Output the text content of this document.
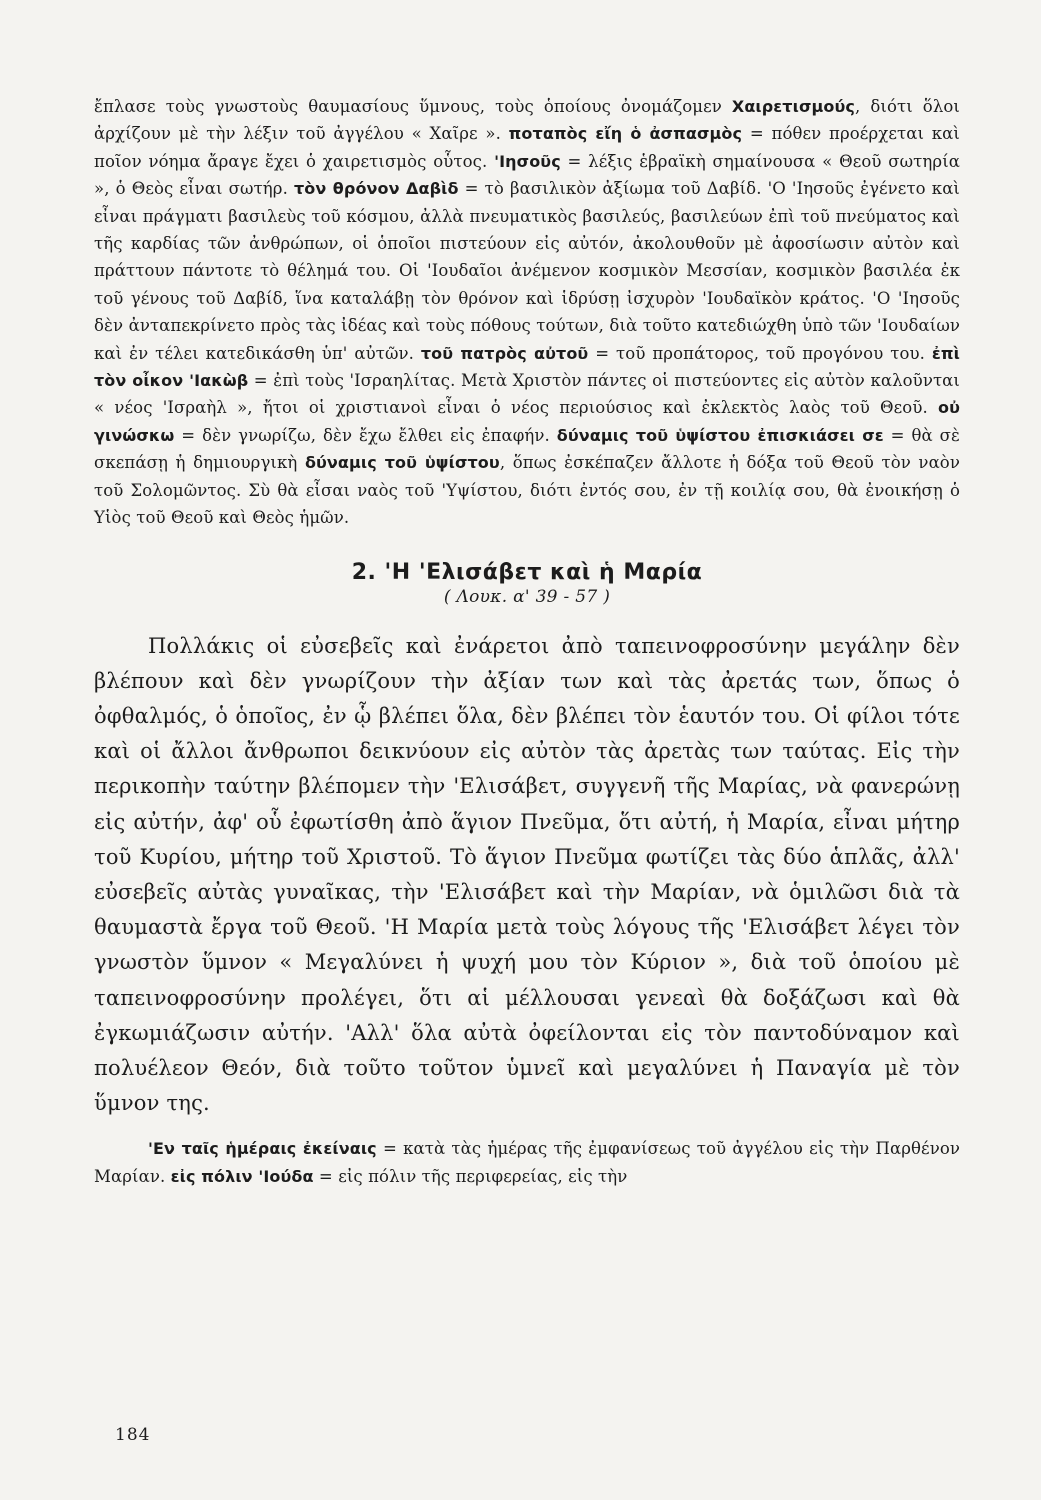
ἔπλασε τοὺς γνωστοὺς θαυμασίους ὕμνους, τοὺς ὁποίους ὀνομάζομεν Χαιρετισμούς, διότι ὅλοι ἀρχίζουν μὲ τὴν λέξιν τοῦ ἀγγέλου « Χαῖρε ». ποταπὸς εἴη ὁ ἀσπασμὸς = πόθεν προέρχεται καὶ ποῖον νόημα ἄραγε ἔχει ὁ χαιρετισμὸς οὗτος. 'Ιησοῦς = λέξις ἑβραϊκὴ σημαίνουσα « Θεοῦ σωτηρία », ὁ Θεὸς εἶναι σωτήρ. τὸν θρόνον Δαβὶδ = τὸ βασιλικὸν ἀξίωμα τοῦ Δαβίδ. 'Ο 'Ιησοῦς ἐγένετο καὶ εἶναι πράγματι βασιλεὺς τοῦ κόσμου, ἀλλὰ πνευματικὸς βασιλεύς, βασιλεύων ἐπὶ τοῦ πνεύματος καὶ τῆς καρδίας τῶν ἀνθρώπων, οἱ ὁποῖοι πιστεύουν εἰς αὐτόν, ἀκολουθοῦν μὲ ἀφοσίωσιν αὐτὸν καὶ πράττουν πάντοτε τὸ θέλημά του. Οἱ 'Ιουδαῖοι ἀνέμενον κοσμικὸν Μεσσίαν, κοσμικὸν βασιλέα ἐκ τοῦ γένους τοῦ Δαβίδ, ἵνα καταλάβῃ τὸν θρόνον καὶ ἱδρύσῃ ἰσχυρὸν 'Ιουδαϊκὸν κράτος. 'Ο 'Ιησοῦς δὲν ἀνταπεκρίνετο πρὸς τὰς ἰδέας καὶ τοὺς πόθους τούτων, διὰ τοῦτο κατεδιώχθη ὑπὸ τῶν 'Ιουδαίων καὶ ἐν τέλει κατεδικάσθη ὑπ' αὐτῶν. τοῦ πατρὸς αὐτοῦ = τοῦ προπάτορος, τοῦ προγόνου του. ἐπὶ τὸν οἶκον 'Ιακὼβ = ἐπὶ τοὺς 'Ισραηλίτας. Μετὰ Χριστὸν πάντες οἱ πιστεύοντες εἰς αὐτὸν καλοῦνται « νέος 'Ισραὴλ », ἤτοι οἱ χριστιανοὶ εἶναι ὁ νέος περιούσιος καὶ ἐκλεκτὸς λαὸς τοῦ Θεοῦ. οὐ γινώσκω = δὲν γνωρίζω, δὲν ἔχω ἔλθει εἰς ἐπαφήν. δύναμις τοῦ ὑψίστου ἐπισκιάσει σε = θὰ σὲ σκεπάσῃ ἡ δημιουργικὴ δύναμις τοῦ ὑψίστου, ὅπως ἐσκέπαζεν ἄλλοτε ἡ δόξα τοῦ Θεοῦ τὸν ναὸν τοῦ Σολομῶντος. Σὺ θὰ εἶσαι ναὸς τοῦ 'Υψίστου, διότι ἐντός σου, ἐν τῇ κοιλίᾳ σου, θὰ ἐνοικήσῃ ὁ Υἱὸς τοῦ Θεοῦ καὶ Θεὸς ἡμῶν.

2. 'Η 'Ελισάβετ καὶ ἡ Μαρία
( Λουκ. α' 39 - 57 )

Πολλάκις οἱ εὐσεβεῖς καὶ ἐνάρετοι ἀπὸ ταπεινοφροσύνην μεγάλην δὲν βλέπουν καὶ δὲν γνωρίζουν τὴν ἀξίαν των καὶ τὰς ἀρετάς των, ὅπως ὁ ὀφθαλμός, ὁ ὁποῖος, ἐν ᾧ βλέπει ὅλα, δὲν βλέπει τὸν ἑαυτόν του. Οἱ φίλοι τότε καὶ οἱ ἄλλοι ἄνθρωποι δεικνύουν εἰς αὐτὸν τὰς ἀρετὰς των ταύτας. Εἰς τὴν περικοπὴν ταύτην βλέπομεν τὴν 'Ελισάβετ, συγγενῆ τῆς Μαρίας, νὰ φανερώνῃ εἰς αὐτήν, ἀφ' οὗ ἐφωτίσθη ἀπὸ ἅγιον Πνεῦμα, ὅτι αὐτή, ἡ Μαρία, εἶναι μήτηρ τοῦ Κυρίου, μήτηρ τοῦ Χριστοῦ. Τὸ ἅγιον Πνεῦμα φωτίζει τὰς δύο ἁπλᾶς, ἀλλ' εὐσεβεῖς αὐτὰς γυναῖκας, τὴν 'Ελισάβετ καὶ τὴν Μαρίαν, νὰ ὁμιλῶσι διὰ τὰ θαυμαστὰ ἔργα τοῦ Θεοῦ. 'Η Μαρία μετὰ τοὺς λόγους τῆς 'Ελισάβετ λέγει τὸν γνωστὸν ὕμνον « Μεγαλύνει ἡ ψυχή μου τὸν Κύριον », διὰ τοῦ ὁποίου μὲ ταπεινοφροσύνην προλέγει, ὅτι αἱ μέλλουσαι γενεαὶ θὰ δοξάζωσι καὶ θὰ ἐγκωμιάζωσιν αὐτήν. 'Αλλ' ὅλα αὐτὰ ὀφείλονται εἰς τὸν παντοδύναμον καὶ πολυέλεον Θεόν, διὰ τοῦτο τοῦτον ὑμνεῖ καὶ μεγαλύνει ἡ Παναγία μὲ τὸν ὕμνον της.

'Εν ταῖς ἡμέραις ἐκείναις = κατὰ τὰς ἡμέρας τῆς ἐμφανίσεως τοῦ ἀγγέλου εἰς τὴν Παρθένον Μαρίαν. εἰς πόλιν 'Ιούδα = εἰς πόλιν τῆς περιφερείας, εἰς τὴν

184
